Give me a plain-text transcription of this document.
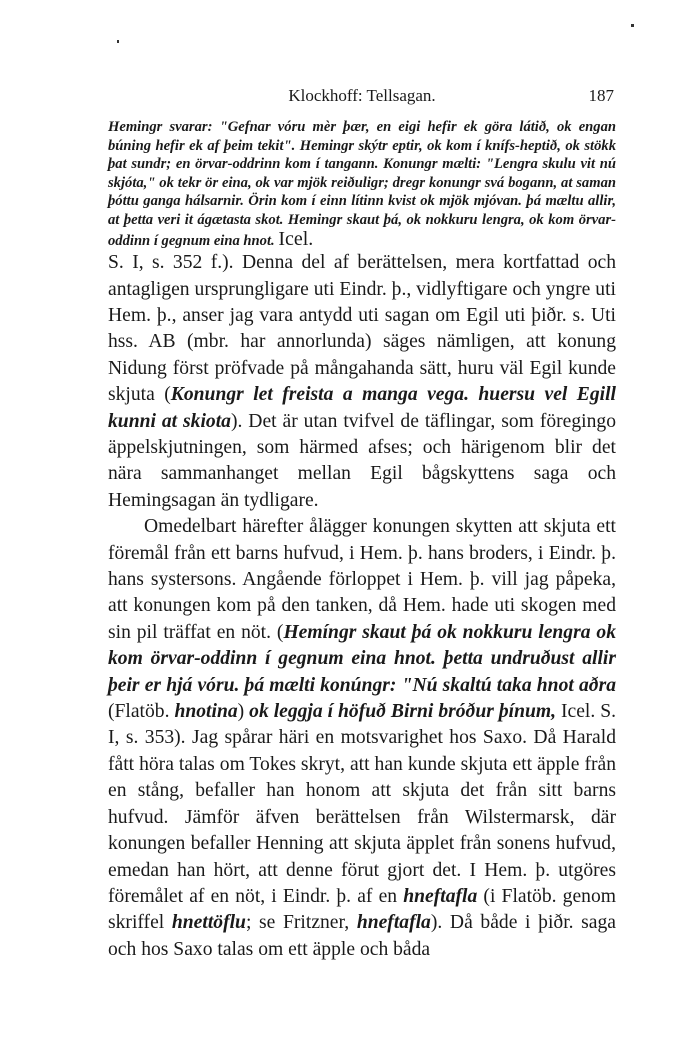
Klockhoff: Tellsagan.	187
Hemingr svarar: "Gefnar vóru mèr þær, en eigi hefir ek göra látið, ok engan búning hefir ek af þeim tekit". Hemingr skýtr eptir, ok kom í knífs-heptið, ok stökk þat sundr; en örvar-oddrinn kom í tangann. Konungr mælti: "Lengra skulu vit nú skjóta," ok tekr ör eina, ok var mjök reiðuligr; dregr konungr svá bogann, at saman þóttu ganga hálsarnir. Örin kom í einn lítinn kvist ok mjök mjóvan. þá mæltu allir, at þetta veri it ágætasta skot. Hemingr skaut þá, ok nokkuru lengra, ok kom örvar-oddinn í gegnum eina hnot. Icel.

S. I, s. 352 f.). Denna del af berättelsen, mera kortfattad och antagligen ursprungligare uti Eindr. þ., vidlyftigare och yngre uti Hem. þ., anser jag vara antydd uti sagan om Egil uti þiðr. s. Uti hss. AB (mbr. har annorlunda) säges nämligen, att konung Nidung först pröfvade på mångahanda sätt, huru väl Egil kunde skjuta (Konungr let freista a manga vega. huersu vel Egill kunni at skiota). Det är utan tvifvel de täflingar, som föregingo äppelskjutningen, som härmed afses; och härigenom blir det nära sammanhanget mellan Egil bågskyttens saga och Hemingsagan än tydligare.

Omedelbart härefter ålägger konungen skytten att skjuta ett föremål från ett barns hufvud, i Hem. þ. hans broders, i Eindr. þ. hans systersons. Angående förloppet i Hem. þ. vill jag påpeka, att konungen kom på den tanken, då Hem. hade uti skogen med sin pil träffat en nöt. (Hemíngr skaut þá ok nokkuru lengra ok kom örvar-oddinn í gegnum eina hnot. þetta undruðust allir þeir er hjá vóru. þá mælti konúngr: "Nú skaltú taka hnot aðra (Flatöb. hnotina) ok leggja í höfuð Birni bróður þínum, Icel. S. I, s. 353). Jag spårar häri en motsvarighet hos Saxo. Då Harald fått höra talas om Tokes skryt, att han kunde skjuta ett äpple från en stång, befaller han honom att skjuta det från sitt barns hufvud. Jämför äfven berättelsen från Wilstermarsk, där konungen befaller Henning att skjuta äpplet från sonens hufvud, emedan han hört, att denne förut gjort det. I Hem. þ. utgöres föremålet af en nöt, i Eindr. þ. af en hneftafla (i Flatöb. genom skriffel hnettöflu; se Fritzner, hneftafla). Då både i þiðr. saga och hos Saxo talas om ett äpple och båda
